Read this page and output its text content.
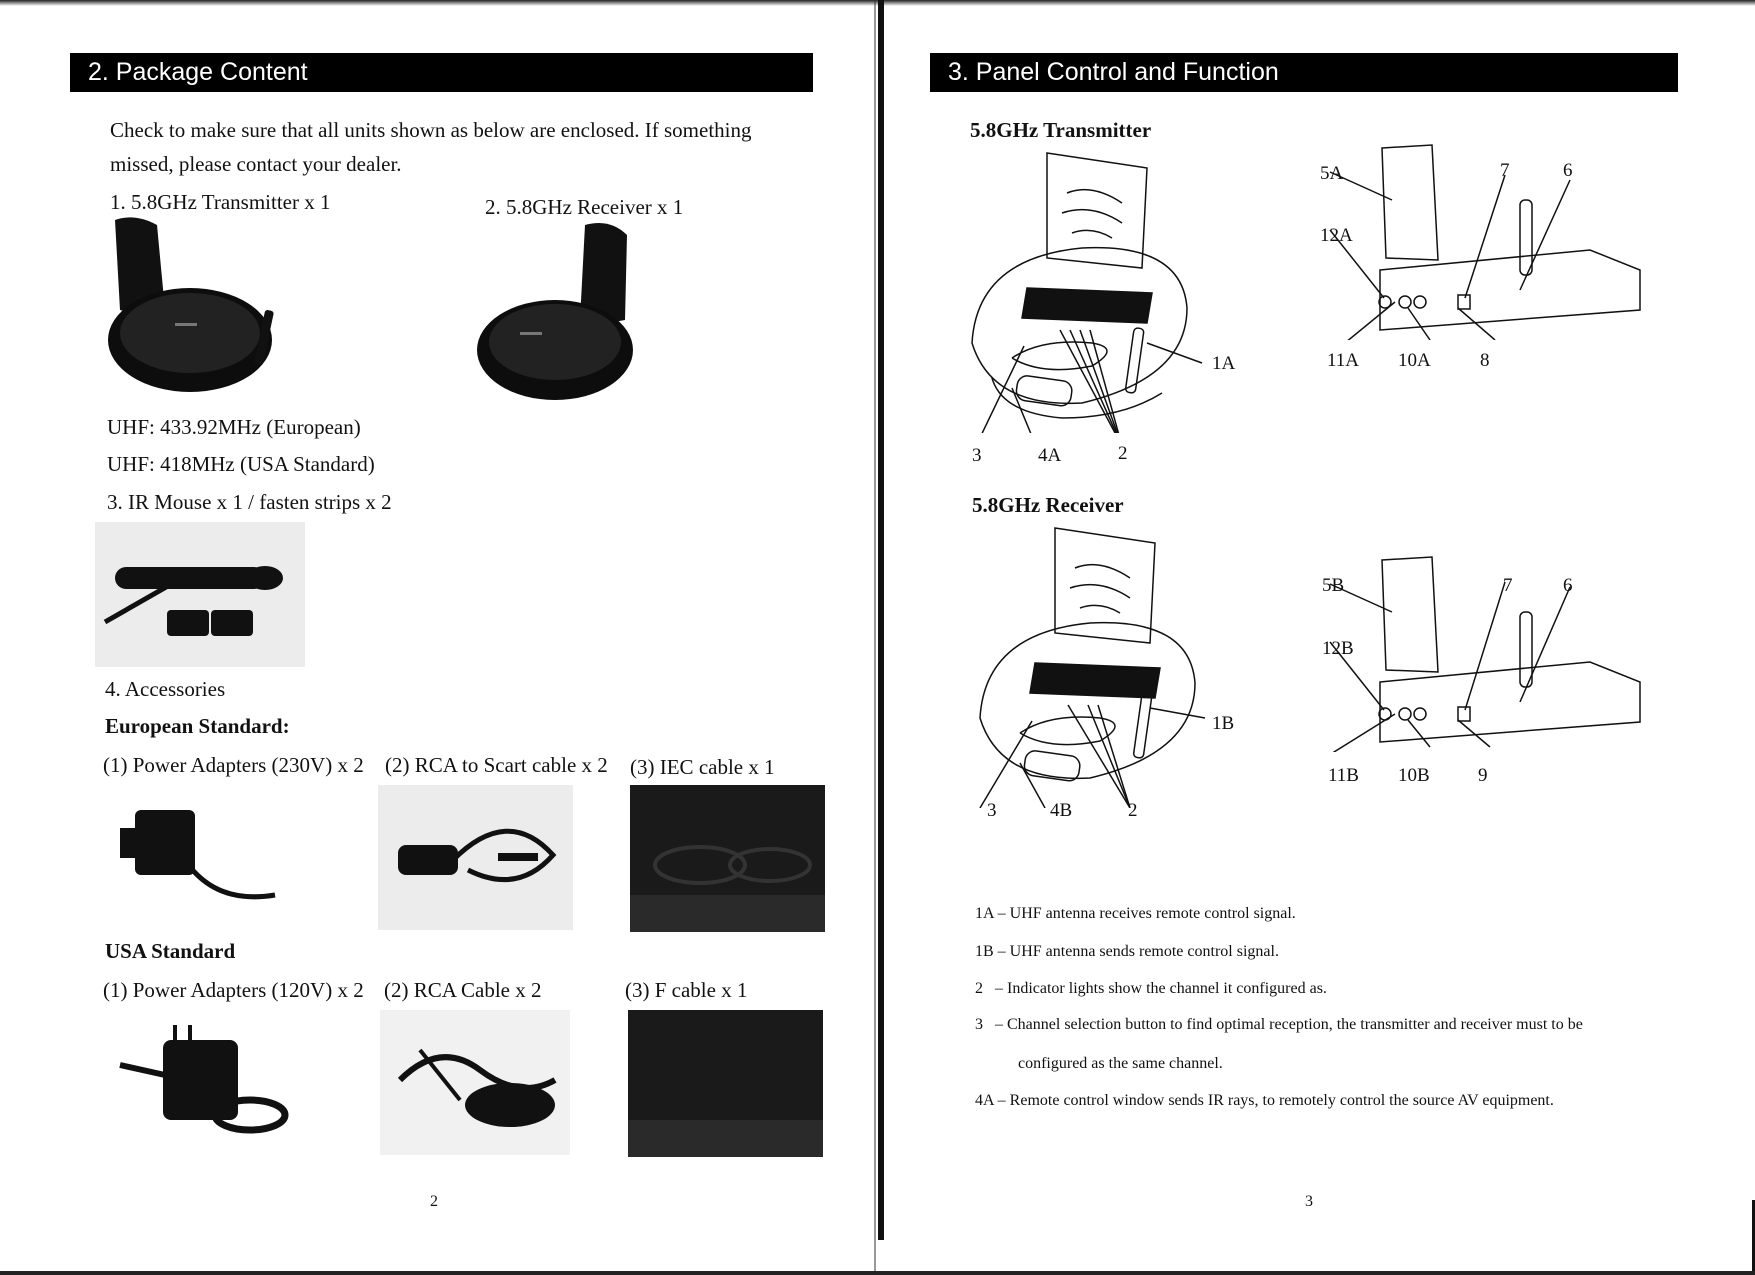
2. Package Content
Check to make sure that all units shown as below are enclosed. If something
missed, please contact your dealer.
1. 5.8GHz Transmitter x 1	2. 5.8GHz Receiver x 1
UHF: 433.92MHz (European)
UHF: 418MHz (USA Standard)
3. IR Mouse x 1 / fasten strips x 2
4. Accessories
European Standard:
(1) Power Adapters (230V) x 2 (2) RCA to Scart cable x 2 (3) IEC cable x 1
USA Standard
(1) Power Adapters (120V) x 2 (2) RCA Cable x 2	(3) F cable x 1
2
3. Panel Control and Function
5.8GHz Transmitter
1A
3	4A	2
5A
12A
7	6
11A 10A	8
5.8GHz Receiver
1B
3	4B	2
5B
12B
7	6
11B 10B	9
1A – UHF antenna receives remote control signal.
1B – UHF antenna sends remote control signal.
2   – Indicator lights show the channel it configured as.
3   – Channel selection button to find optimal reception, the transmitter and receiver must to be
configured as the same channel.
4A – Remote control window sends IR rays, to remotely control the source AV equipment.
3
